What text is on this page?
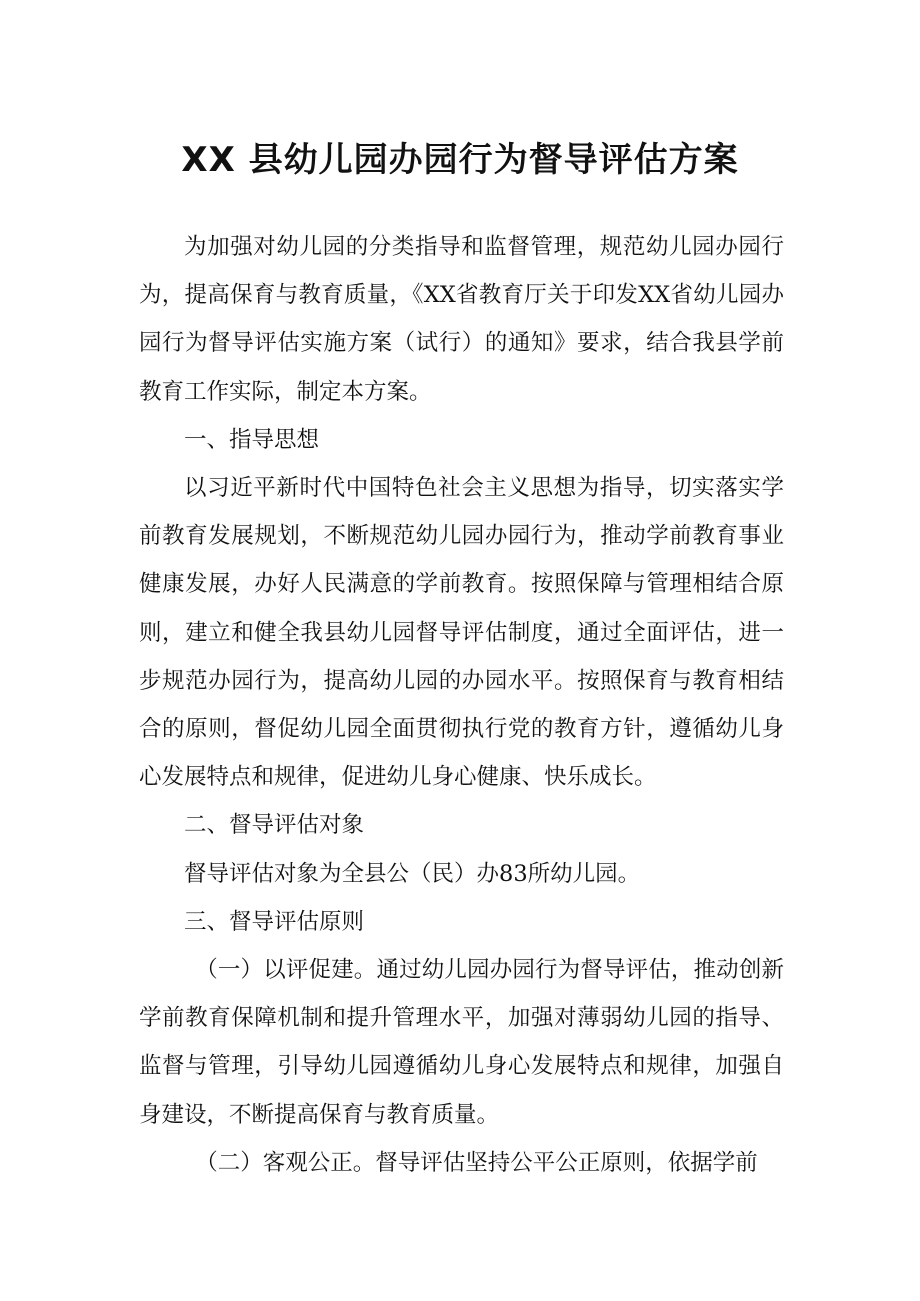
XX 县幼儿园办园行为督导评估方案

为加强对幼儿园的分类指导和监督管理，规范幼儿园办园行为，提高保育与教育质量，《XX省教育厅关于印发XX省幼儿园办园行为督导评估实施方案（试行）的通知》要求，结合我县学前教育工作实际，制定本方案。

一、指导思想

以习近平新时代中国特色社会主义思想为指导，切实落实学前教育发展规划，不断规范幼儿园办园行为，推动学前教育事业健康发展，办好人民满意的学前教育。按照保障与管理相结合原则，建立和健全我县幼儿园督导评估制度，通过全面评估，进一步规范办园行为，提高幼儿园的办园水平。按照保育与教育相结合的原则，督促幼儿园全面贯彻执行党的教育方针，遵循幼儿身心发展特点和规律，促进幼儿身心健康、快乐成长。

二、督导评估对象

督导评估对象为全县公（民）办83所幼儿园。

三、督导评估原则

（一）以评促建。通过幼儿园办园行为督导评估，推动创新学前教育保障机制和提升管理水平，加强对薄弱幼儿园的指导、监督与管理，引导幼儿园遵循幼儿身心发展特点和规律，加强自身建设，不断提高保育与教育质量。

（二）客观公正。督导评估坚持公平公正原则，依据学前
